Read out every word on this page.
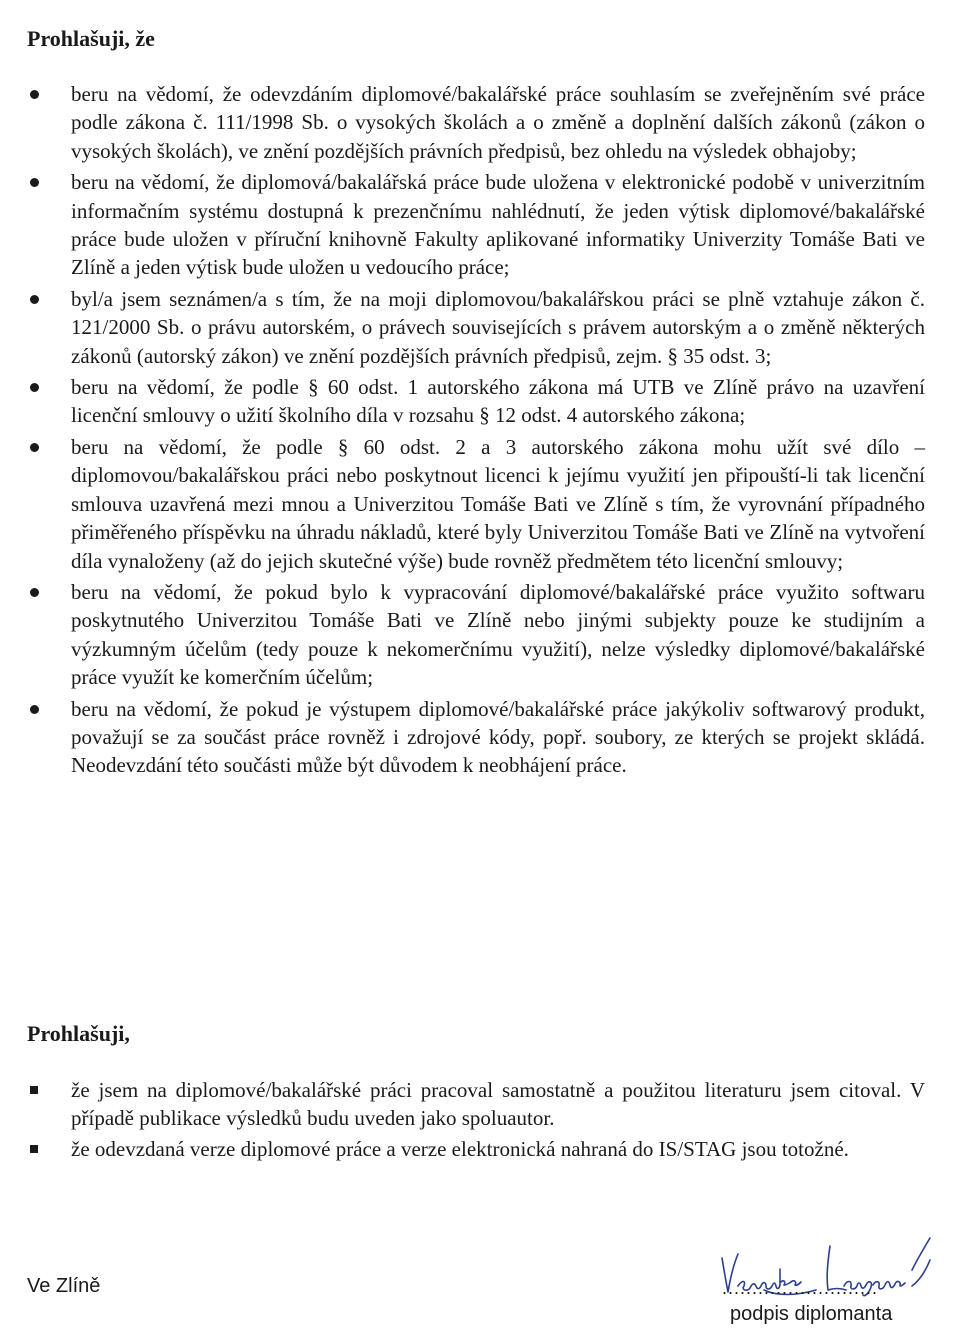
Prohlašuji, že
beru na vědomí, že odevzdáním diplomové/bakalářské práce souhlasím se zveřejněním své práce podle zákona č. 111/1998 Sb. o vysokých školách a o změně a doplnění dalších zákonů (zákon o vysokých školách), ve znění pozdějších právních předpisů, bez ohledu na výsledek obhajoby;
beru na vědomí, že diplomová/bakalářská práce bude uložena v elektronické podobě v univerzitním informačním systému dostupná k prezenčnímu nahlédnutí, že jeden výtisk diplomové/bakalářské práce bude uložen v příruční knihovně Fakulty aplikované informatiky Univerzity Tomáše Bati ve Zlíně a jeden výtisk bude uložen u vedoucího práce;
byl/a jsem seznámen/a s tím, že na moji diplomovou/bakalářskou práci se plně vztahuje zákon č. 121/2000 Sb. o právu autorském, o právech souvisejících s právem autorským a o změně některých zákonů (autorský zákon) ve znění pozdějších právních předpisů, zejm. § 35 odst. 3;
beru na vědomí, že podle § 60 odst. 1 autorského zákona má UTB ve Zlíně právo na uzavření licenční smlouvy o užití školního díla v rozsahu § 12 odst. 4 autorského zákona;
beru na vědomí, že podle § 60 odst. 2 a 3 autorského zákona mohu užít své dílo – diplomovou/bakalářskou práci nebo poskytnout licenci k jejímu využití jen připouští-li tak licenční smlouva uzavřená mezi mnou a Univerzitou Tomáše Bati ve Zlíně s tím, že vyrovnání případného přiměřeného příspěvku na úhradu nákladů, které byly Univerzitou Tomáše Bati ve Zlíně na vytvoření díla vynaloženy (až do jejich skutečné výše) bude rovněž předmětem této licenční smlouvy;
beru na vědomí, že pokud bylo k vypracování diplomové/bakalářské práce využito softwaru poskytnutého Univerzitou Tomáše Bati ve Zlíně nebo jinými subjekty pouze ke studijním a výzkumným účelům (tedy pouze k nekomerčnímu využití), nelze výsledky diplomové/bakalářské práce využít ke komerčním účelům;
beru na vědomí, že pokud je výstupem diplomové/bakalářské práce jakýkoliv softwarový produkt, považují se za součást práce rovněž i zdrojové kódy, popř. soubory, ze kterých se projekt skládá. Neodevzdání této součásti může být důvodem k neobhájení práce.
Prohlašuji,
že jsem na diplomové/bakalářské práci pracoval samostatně a použitou literaturu jsem citoval. V případě publikace výsledků budu uveden jako spoluautor.
že odevzdaná verze diplomové práce a verze elektronická nahraná do IS/STAG jsou totožné.
Ve Zlíně	..........................
podpis diplomanta
